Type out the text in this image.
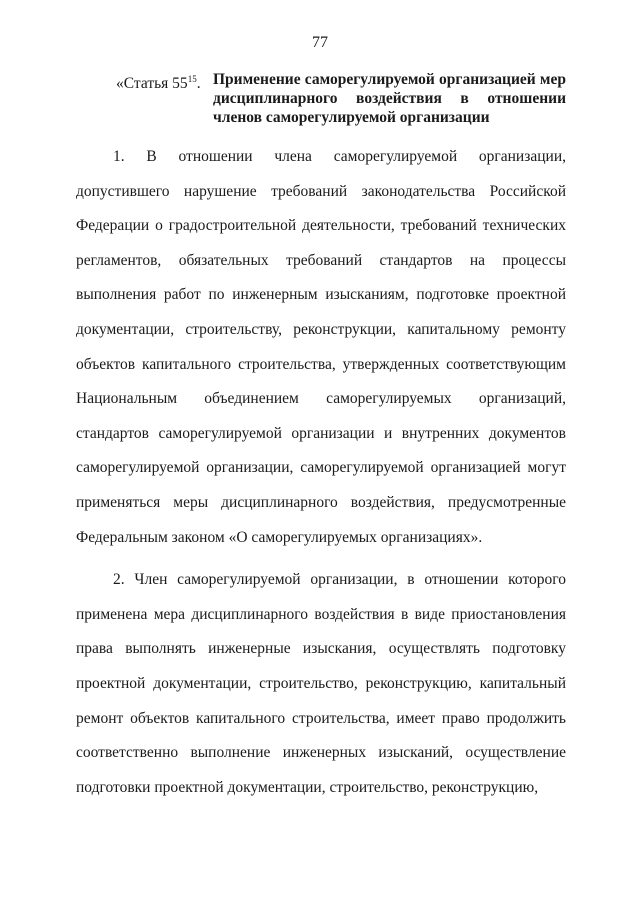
77
«Статья $55^{15}$. Применение саморегулируемой организацией мер дисциплинарного воздействия в отношении членов саморегулируемой организации

1. В отношении члена саморегулируемой организации, допустившего нарушение требований законодательства Российской Федерации о градостроительной деятельности, требований технических регламентов, обязательных требований стандартов на процессы выполнения работ по инженерным изысканиям, подготовке проектной документации, строительству, реконструкции, капитальному ремонту объектов капитального строительства, утвержденных соответствующим Национальным объединением саморегулируемых организаций, стандартов саморегулируемой организации и внутренних документов саморегулируемой организации, саморегулируемой организацией могут применяться меры дисциплинарного воздействия, предусмотренные Федеральным законом «О саморегулируемых организациях».

2. Член саморегулируемой организации, в отношении которого применена мера дисциплинарного воздействия в виде приостановления права выполнять инженерные изыскания, осуществлять подготовку проектной документации, строительство, реконструкцию, капитальный ремонт объектов капитального строительства, имеет право продолжить соответственно выполнение инженерных изысканий, осуществление подготовки проектной документации, строительство, реконструкцию,
